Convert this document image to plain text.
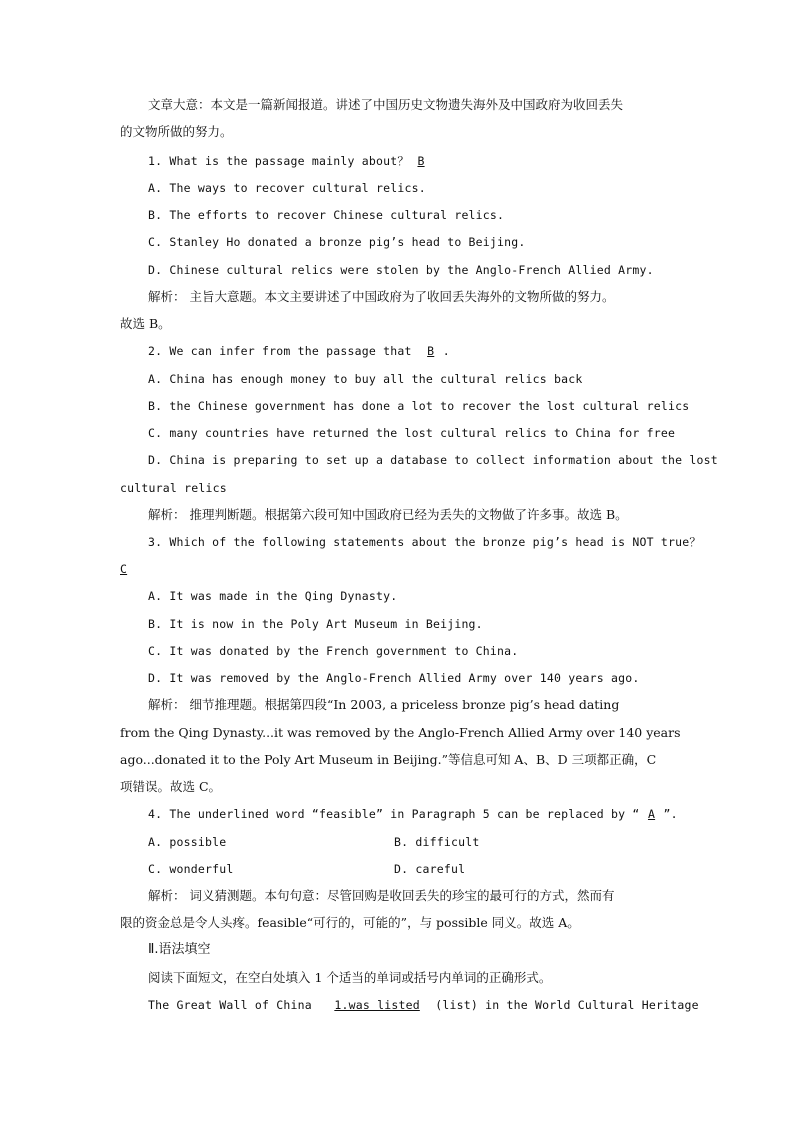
文章大意：本文是一篇新闻报道。讲述了中国历史文物遗失海外及中国政府为收回丢失
的文物所做的努力。
1. What is the passage mainly about？ B
A. The ways to recover cultural relics.
B. The efforts to recover Chinese cultural relics.
C. Stanley Ho donated a bronze pig’s head to Beijing.
D. Chinese cultural relics were stolen by the Anglo-French Allied Army.
解析： 主旨大意题。本文主要讲述了中国政府为了收回丢失海外的文物所做的努力。
故选 B。
2. We can infer from the passage that B .
A. China has enough money to buy all the cultural relics back
B. the Chinese government has done a lot to recover the lost cultural relics
C. many countries have returned the lost cultural relics to China for free
D. China is preparing to set up a database to collect information about the lost
cultural relics
解析： 推理判断题。根据第六段可知中国政府已经为丢失的文物做了许多事。故选 B。
3. Which of the following statements about the bronze pig’s head is NOT true？
C
A. It was made in the Qing Dynasty.
B. It is now in the Poly Art Museum in Beijing.
C. It was donated by the French government to China.
D. It was removed by the Anglo-French Allied Army over 140 years ago.
解析： 细节推理题。根据第四段“In 2003, a priceless bronze pig’s head dating
from the Qing Dynasty...it was removed by the Anglo-French Allied Army over 140 years
ago...donated it to the Poly Art Museum in Beijing.”等信息可知 A、B、D 三项都正确，C
项错误。故选 C。
4. The underlined word “feasible” in Paragraph 5 can be replaced by “ A ”.
A. possible	B. difficult
C. wonderful	D. careful
解析： 词义猜测题。本句句意：尽管回购是收回丢失的珍宝的最可行的方式，然而有
限的资金总是令人头疼。feasible“可行的，可能的”，与 possible 同义。故选 A。
Ⅱ.语法填空
阅读下面短文，在空白处填入 1 个适当的单词或括号内单词的正确形式。
The Great Wall of China 1.was listed (list) in the World Cultural Heritage
